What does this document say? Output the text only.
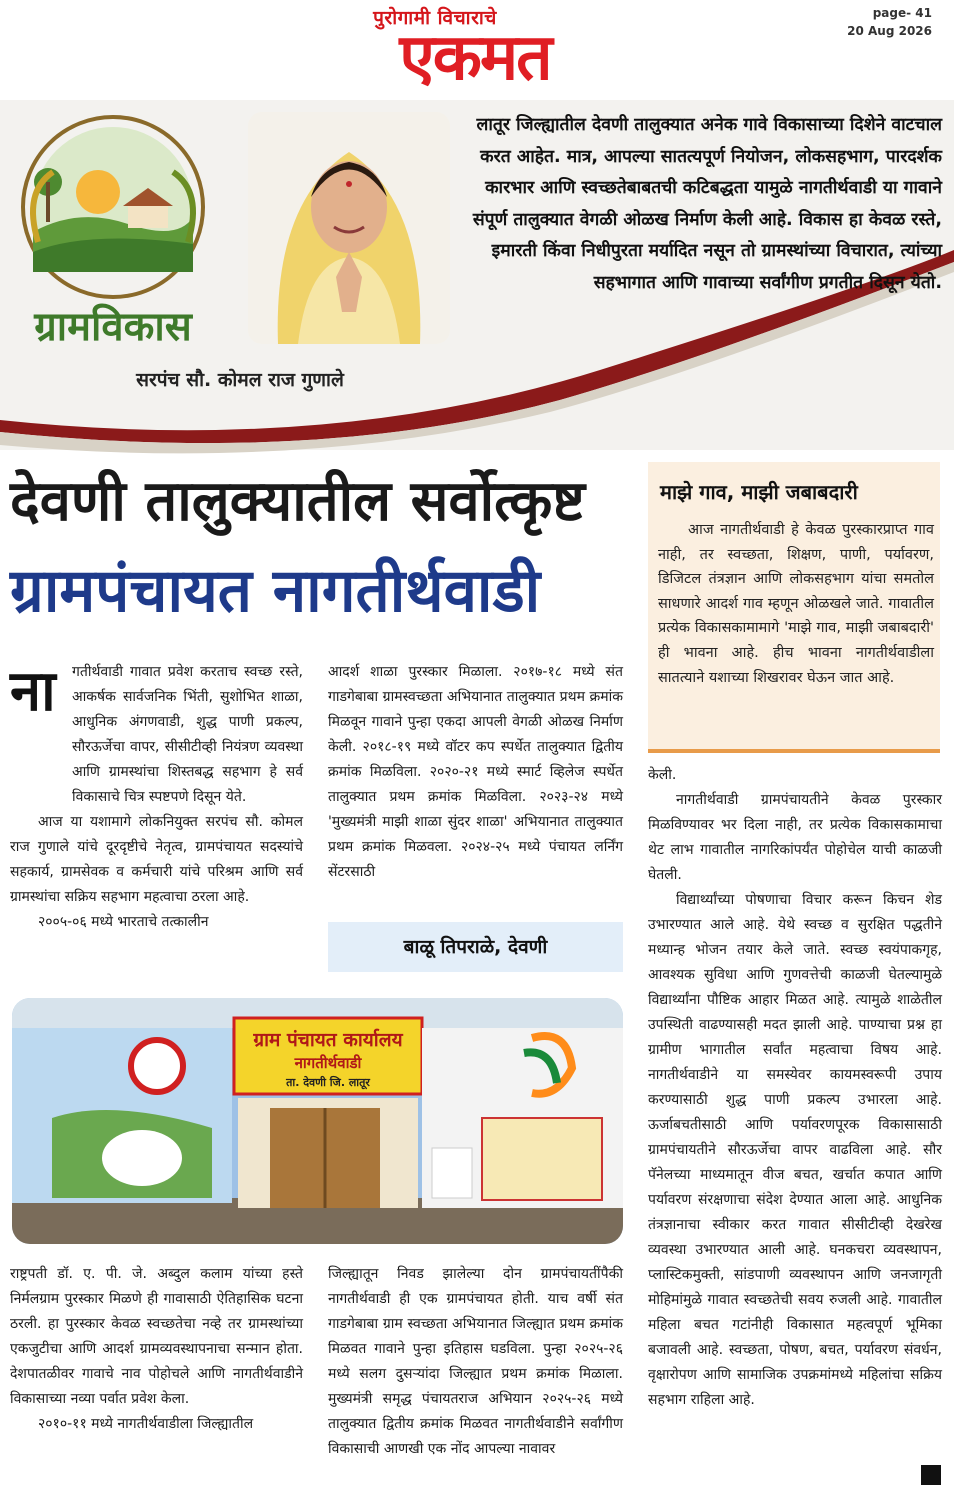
पुरोगामी विचाराचे
एकमत
page- 41
20 Aug 2026
ग्रामविकास
सरपंच सौ. कोमल राज गुणाले
लातूर जिल्ह्यातील देवणी तालुक्यात अनेक गावे विकासाच्या दिशेने वाटचाल करत आहेत. मात्र, आपल्या सातत्यपूर्ण नियोजन, लोकसहभाग, पारदर्शक कारभार आणि स्वच्छतेबाबतची कटिबद्धता यामुळे नागतीर्थवाडी या गावाने संपूर्ण तालुक्यात वेगळी ओळख निर्माण केली आहे. विकास हा केवळ रस्ते, इमारती किंवा निधीपुरता मर्यादित नसून तो ग्रामस्थांच्या विचारात, त्यांच्या सहभागात आणि गावाच्या सर्वांगीण प्रगतीत दिसून येतो.
देवणी तालुक्यातील सर्वोत्कृष्ट
ग्रामपंचायत नागतीर्थवाडी
माझे गाव, माझी जबाबदारी
आज नागतीर्थवाडी हे केवळ पुरस्कारप्राप्त गाव नाही, तर स्वच्छता, शिक्षण, पाणी, पर्यावरण, डिजिटल तंत्रज्ञान आणि लोकसहभाग यांचा समतोल साधणारे आदर्श गाव म्हणून ओळखले जाते. गावातील प्रत्येक विकासकामामागे 'माझे गाव, माझी जबाबदारी' ही भावना आहे. हीच भावना नागतीर्थवाडीला सातत्याने यशाच्या शिखरावर घेऊन जात आहे.
ना	गतीर्थवाडी गावात प्रवेश करताच स्वच्छ रस्ते, आकर्षक सार्वजनिक भिंती, सुशोभित शाळा, आधुनिक अंगणवाडी, शुद्ध पाणी प्रकल्प, सौरऊर्जेचा वापर, सीसीटीव्ही नियंत्रण व्यवस्था आणि ग्रामस्थांचा शिस्तबद्ध सहभाग हे सर्व विकासाचे चित्र स्पष्टपणे दिसून येते.

आज या यशामागे लोकनियुक्त सरपंच सौ. कोमल राज गुणाले यांचे दूरदृष्टीचे नेतृत्व, ग्रामपंचायत सदस्यांचे सहकार्य, ग्रामसेवक व कर्मचारी यांचे परिश्रम आणि सर्व ग्रामस्थांचा सक्रिय सहभाग महत्वाचा ठरला आहे.

२००५-०६ मध्ये भारताचे तत्कालीन

आदर्श शाळा पुरस्कार मिळाला. २०१७-१८ मध्ये संत गाडगेबाबा ग्रामस्वच्छता अभियानात तालुक्यात प्रथम क्रमांक मिळवून गावाने पुन्हा एकदा आपली वेगळी ओळख निर्माण केली. २०१८-१९ मध्ये वॉटर कप स्पर्धेत तालुक्यात द्वितीय क्रमांक मिळविला. २०२०-२१ मध्ये स्मार्ट व्हिलेज स्पर्धेत तालुक्यात प्रथम क्रमांक मिळविला. २०२३-२४ मध्ये 'मुख्यमंत्री माझी शाळा सुंदर शाळा' अभियानात तालुक्यात प्रथम क्रमांक मिळवला. २०२४-२५ मध्ये पंचायत लर्निंग सेंटरसाठी

बाळू तिपराळे, देवणी

केली.

नागतीर्थवाडी ग्रामपंचायतीने केवळ पुरस्कार मिळविण्यावर भर दिला नाही, तर प्रत्येक विकासकामाचा थेट लाभ गावातील नागरिकांपर्यंत पोहोचेल याची काळजी घेतली.

विद्यार्थ्यांच्या पोषणाचा विचार करून किचन शेड उभारण्यात आले आहे. येथे स्वच्छ व सुरक्षित पद्धतीने मध्यान्ह भोजन तयार केले जाते. स्वच्छ स्वयंपाकगृह, आवश्यक सुविधा आणि गुणवत्तेची काळजी घेतल्यामुळे विद्यार्थ्यांना पौष्टिक आहार मिळत आहे. त्यामुळे शाळेतील उपस्थिती वाढण्यासही मदत झाली आहे. पाण्याचा प्रश्न हा ग्रामीण भागातील सर्वांत महत्वाचा विषय आहे. नागतीर्थवाडीने या समस्येवर कायमस्वरूपी उपाय करण्यासाठी शुद्ध पाणी प्रकल्प उभारला आहे. ऊर्जाबचतीसाठी आणि पर्यावरणपूरक विकासासाठी ग्रामपंचायतीने सौरऊर्जेचा वापर वाढविला आहे. सौर पॅनेलच्या माध्यमातून वीज बचत, खर्चात कपात आणि पर्यावरण संरक्षणाचा संदेश देण्यात आला आहे. आधुनिक तंत्रज्ञानाचा स्वीकार करत गावात सीसीटीव्ही देखरेख व्यवस्था उभारण्यात आली आहे. घनकचरा व्यवस्थापन, प्लास्टिकमुक्ती, सांडपाणी व्यवस्थापन आणि जनजागृती मोहिमांमुळे गावात स्वच्छतेची सवय रुजली आहे. गावातील महिला बचत गटांनीही विकासात महत्वपूर्ण भूमिका बजावली आहे. स्वच्छता, पोषण, बचत, पर्यावरण संवर्धन, वृक्षारोपण आणि सामाजिक उपक्रमांमध्ये महिलांचा सक्रिय सहभाग राहिला आहे.

ग्राम पंचायत कार्यालय
नागतीर्थवाडी
ता. देवणी जि. लातूर

राष्ट्रपती डॉ. ए. पी. जे. अब्दुल कलाम यांच्या हस्ते निर्मलग्राम पुरस्कार मिळणे ही गावासाठी ऐतिहासिक घटना ठरली. हा पुरस्कार केवळ स्वच्छतेचा नव्हे तर ग्रामस्थांच्या एकजुटीचा आणि आदर्श ग्रामव्यवस्थापनाचा सन्मान होता. देशपातळीवर गावाचे नाव पोहोचले आणि नागतीर्थवाडीने विकासाच्या नव्या पर्वात प्रवेश केला.

२०१०-११ मध्ये नागतीर्थवाडीला जिल्ह्यातील

जिल्ह्यातून निवड झालेल्या दोन ग्रामपंचायतींपैकी नागतीर्थवाडी ही एक ग्रामपंचायत होती. याच वर्षी संत गाडगेबाबा ग्राम स्वच्छता अभियानात जिल्ह्यात प्रथम क्रमांक मिळवत गावाने पुन्हा इतिहास घडविला. पुन्हा २०२५-२६ मध्ये सलग दुसऱ्यांदा जिल्ह्यात प्रथम क्रमांक मिळाला. मुख्यमंत्री समृद्ध पंचायतराज अभियान २०२५-२६ मध्ये तालुक्यात द्वितीय क्रमांक मिळवत नागतीर्थवाडीने सर्वांगीण विकासाची आणखी एक नोंद आपल्या नावावर
